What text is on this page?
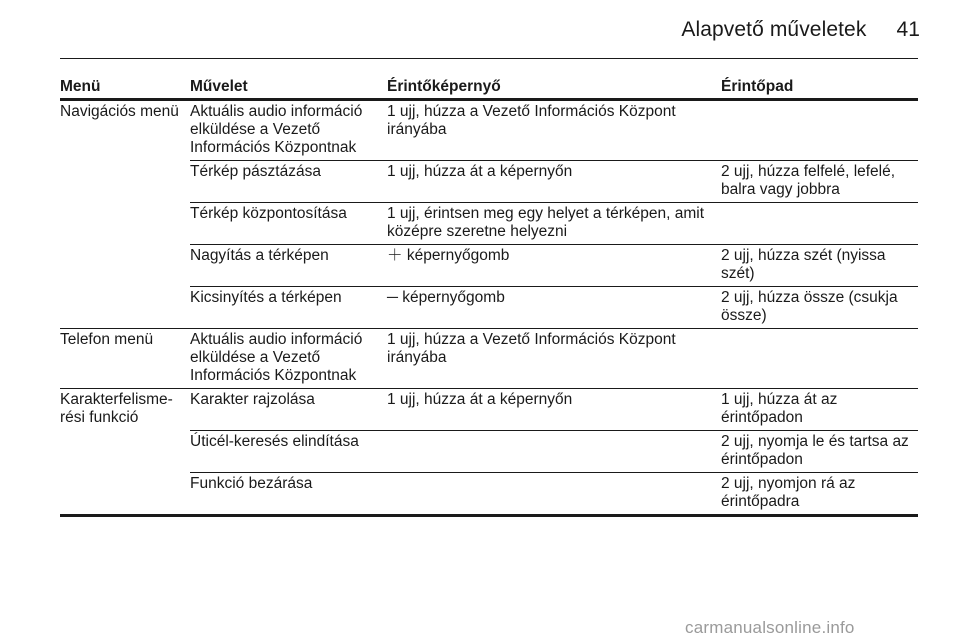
Alapvető műveletek 41
Menü	Művelet	Érintőképernyő	Érintőpad
Navigációs menü	Aktuális audio információ elküldése a Vezető Információs Központnak	1 ujj, húzza a Vezető Információs Központ irányába	
	Térkép pásztázása	1 ujj, húzza át a képernyőn	2 ujj, húzza felfelé, lefelé, balra vagy jobbra
	Térkép központosítása	1 ujj, érintsen meg egy helyet a térképen, amit középre szeretne helyezni	
	Nagyítás a térképen	＋ képernyőgomb	2 ujj, húzza szét (nyissa szét)
	Kicsinyítés a térképen	─ képernyőgomb	2 ujj, húzza össze (csukja össze)
Telefon menü	Aktuális audio információ elküldése a Vezető Információs Központnak	1 ujj, húzza a Vezető Információs Központ irányába	
Karakterfelisme-rési funkció	Karakter rajzolása	1 ujj, húzza át a képernyőn	1 ujj, húzza át az érintőpadon
	Úticél-keresés elindítása		2 ujj, nyomja le és tartsa az érintőpadon
	Funkció bezárása		2 ujj, nyomjon rá az érintőpadra
carmanualsonline.info
